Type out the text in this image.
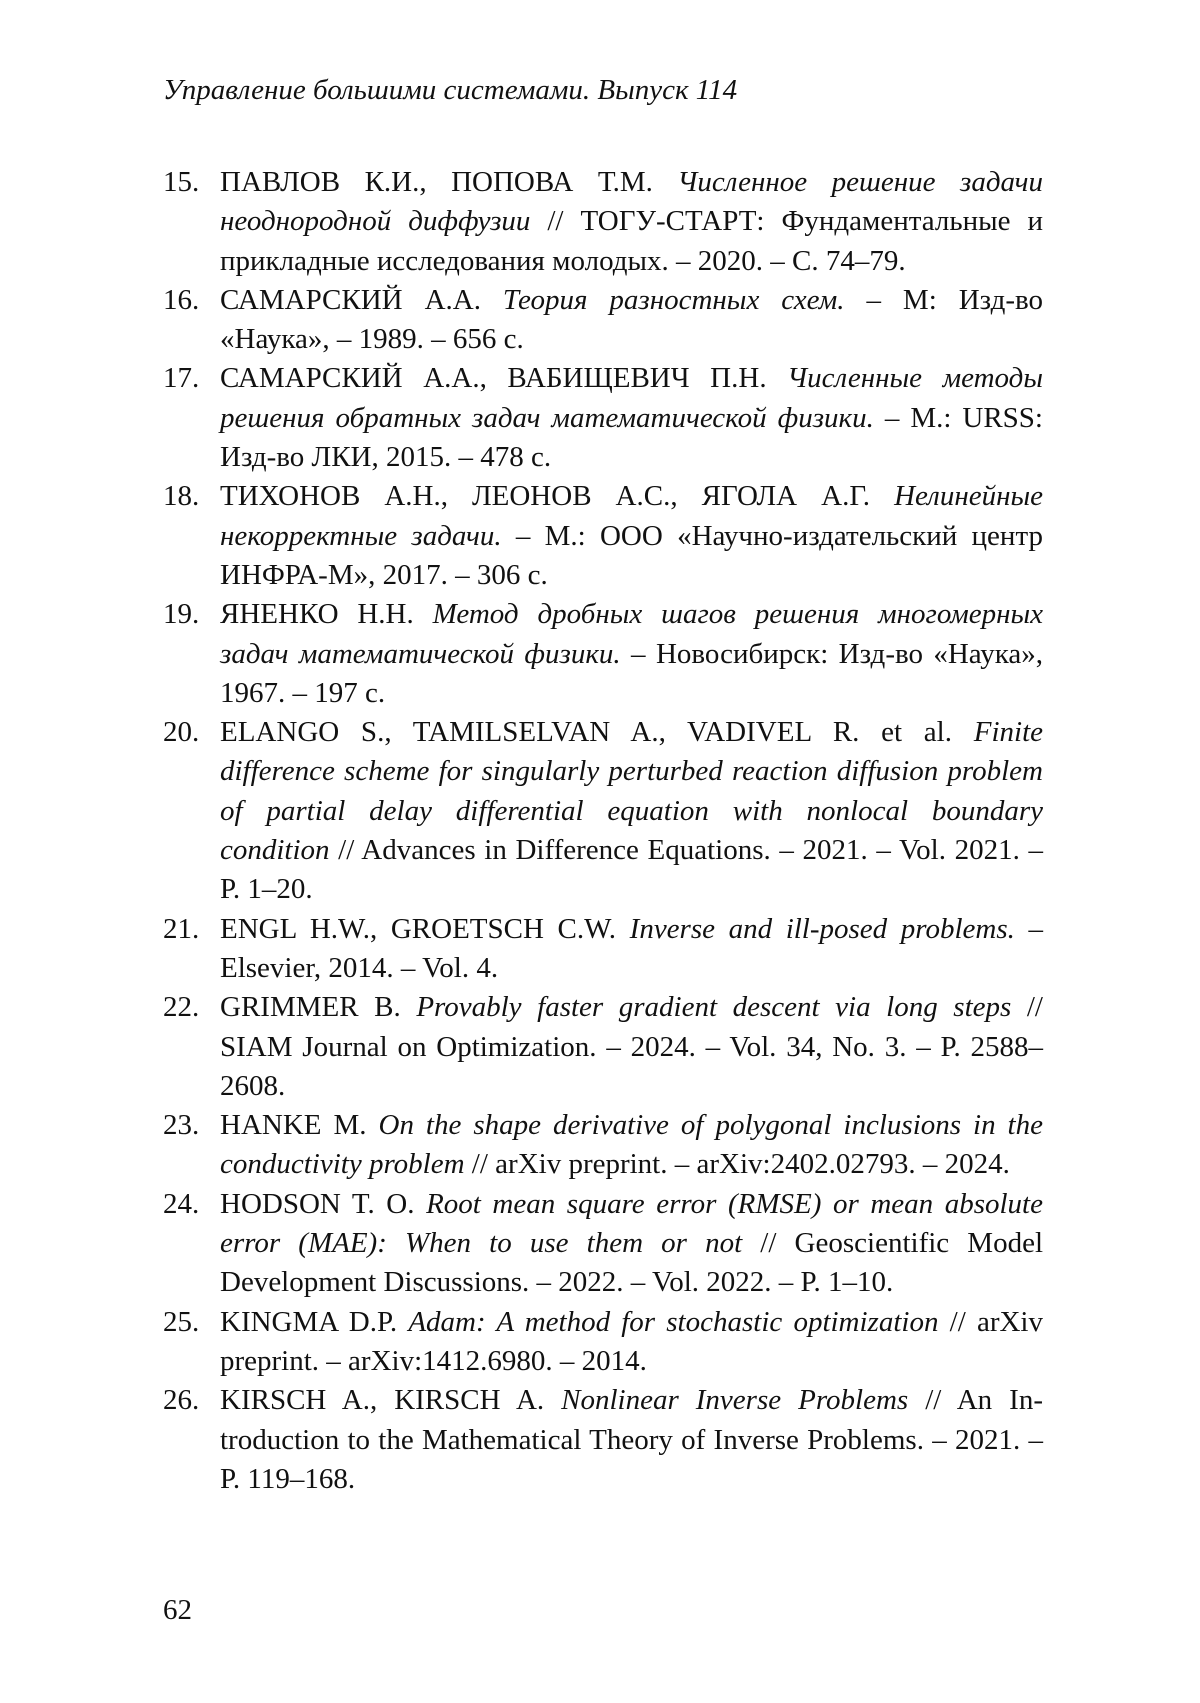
Управление большими системами. Выпуск 114
15. ПАВЛОВ К.И., ПОПОВА Т.М. Численное решение задачи неоднородной диффузии // ТОГУ-СТАРТ: Фундаментальные и прикладные исследования молодых. – 2020. – С. 74–79.
16. САМАРСКИЙ А.А. Теория разностных схем. – М: Изд-во «Наука», – 1989. – 656 с.
17. САМАРСКИЙ А.А., ВАБИЩЕВИЧ П.Н. Численные методы решения обратных задач математической физики. – М.: URSS: Изд-во ЛКИ, 2015. – 478 с.
18. ТИХОНОВ А.Н., ЛЕОНОВ А.С., ЯГОЛА А.Г. Нелинейные некорректные задачи. – М.: ООО «Научно-издательский центр ИНФРА-М», 2017. – 306 с.
19. ЯНЕНКО Н.Н. Метод дробных шагов решения многомерных задач математической физики. – Новосибирск: Изд-во «Наука», 1967. – 197 с.
20. ELANGO S., TAMILSELVAN A., VADIVEL R. et al. Finite difference scheme for singularly perturbed reaction diffusion problem of partial delay differential equation with nonlocal boundary condition // Advances in Difference Equations. – 2021. – Vol. 2021. – P. 1–20.
21. ENGL H.W., GROETSCH C.W. Inverse and ill-posed problems. – Elsevier, 2014. – Vol. 4.
22. GRIMMER B. Provably faster gradient descent via long steps // SIAM Journal on Optimization. – 2024. – Vol. 34, No. 3. – P. 2588–2608.
23. HANKE M. On the shape derivative of polygonal inclusions in the conductivity problem // arXiv preprint. – arXiv:2402.02793. – 2024.
24. HODSON T. O. Root mean square error (RMSE) or mean absolute error (MAE): When to use them or not // Geoscientific Model Development Discussions. – 2022. – Vol. 2022. – P. 1–10.
25. KINGMA D.P. Adam: A method for stochastic optimization // arXiv preprint. – arXiv:1412.6980. – 2014.
26. KIRSCH A., KIRSCH A. Nonlinear Inverse Problems // An Introduction to the Mathematical Theory of Inverse Problems. – 2021. – P. 119–168.
62
